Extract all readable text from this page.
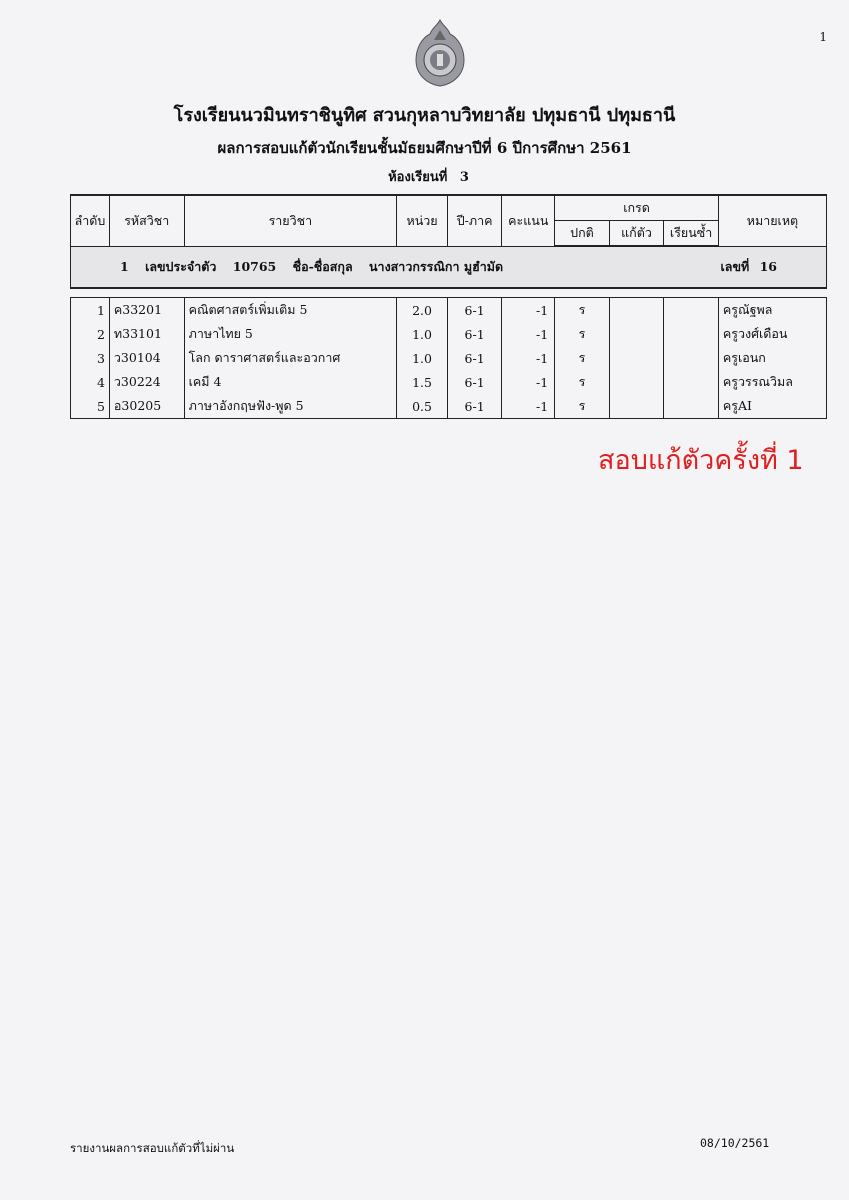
1
โรงเรียนนวมินทราชินูทิศ สวนกุหลาบวิทยาลัย ปทุมธานี ปทุมธานี
ผลการสอบแก้ตัวนักเรียนชั้นมัธยมศึกษาปีที่ 6 ปีการศึกษา 2561
ห้องเรียนที่ 3
ลำดับ	รหัสวิชา	รายวิชา	หน่วย	ปี-ภาค	คะแนน	เกรด			หมายเหตุ
						ปกติ	แก้ตัว	เรียนซ้ำ	

1 เลขประจำตัว 10765 ชื่อ-ชื่อสกุล นางสาวกรรณิกา มูฮำมัด เลขที่ 16									

1	ค33201	คณิตศาสตร์เพิ่มเติม 5	2.0	6-1	-1	ร			ครูณัฐพล
2	ท33101	ภาษาไทย 5	1.0	6-1	-1	ร			ครูวงศ์เดือน
3	ว30104	โลก ดาราศาสตร์และอวกาศ	1.0	6-1	-1	ร			ครูเอนก
4	ว30224	เคมี 4	1.5	6-1	-1	ร			ครูวรรณวิมล
5	อ30205	ภาษาอังกฤษฟัง-พูด 5	0.5	6-1	-1	ร			ครูAI
สอบแก้ตัวครั้งที่ 1
รายงานผลการสอบแก้ตัวที่ไม่ผ่าน	08/10/2561
